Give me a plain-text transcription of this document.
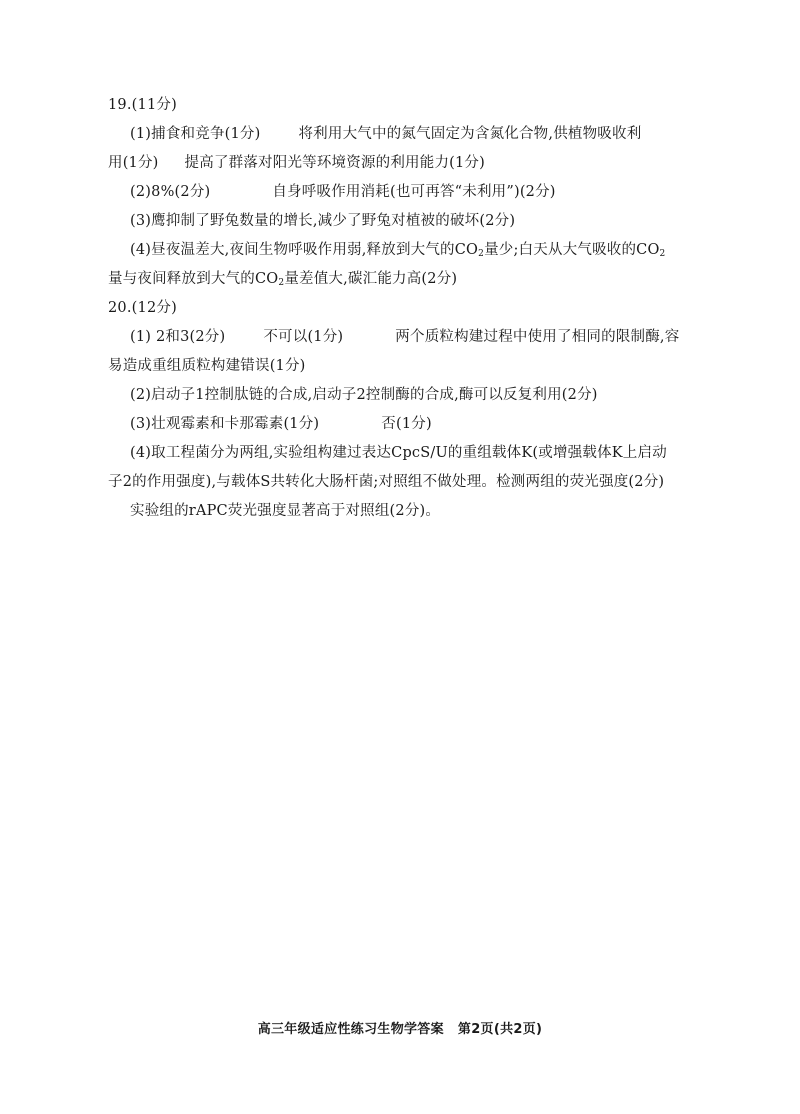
19.(11分)
(1)捕食和竞争(1分)	将利用大气中的氮气固定为含氮化合物,供植物吸收利
用(1分) 提高了群落对阳光等环境资源的利用能力(1分)
(2)8%(2分)	自身呼吸作用消耗(也可再答“未利用”)(2分)
(3)鹰抑制了野兔数量的增长,减少了野兔对植被的破坏(2分)
(4)昼夜温差大,夜间生物呼吸作用弱,释放到大气的$CO_2$量少;白天从大气吸收的$CO_2$
量与夜间释放到大气的$CO_2$量差值大,碳汇能力高(2分)
20.(12分)
(1) 2和3(2分)	不可以(1分)	两个质粒构建过程中使用了相同的限制酶,容
易造成重组质粒构建错误(1分)
(2)启动子1控制肽链的合成,启动子2控制酶的合成,酶可以反复利用(2分)
(3)壮观霉素和卡那霉素(1分)	否(1分)
(4)取工程菌分为两组,实验组构建过表达CpcS/U的重组载体K(或增强载体K上启动
子2的作用强度),与载体S共转化大肠杆菌;对照组不做处理。检测两组的荧光强度(2分)
实验组的rAPC荧光强度显著高于对照组(2分)。
高三年级适应性练习生物学答案 第2页(共2页)
